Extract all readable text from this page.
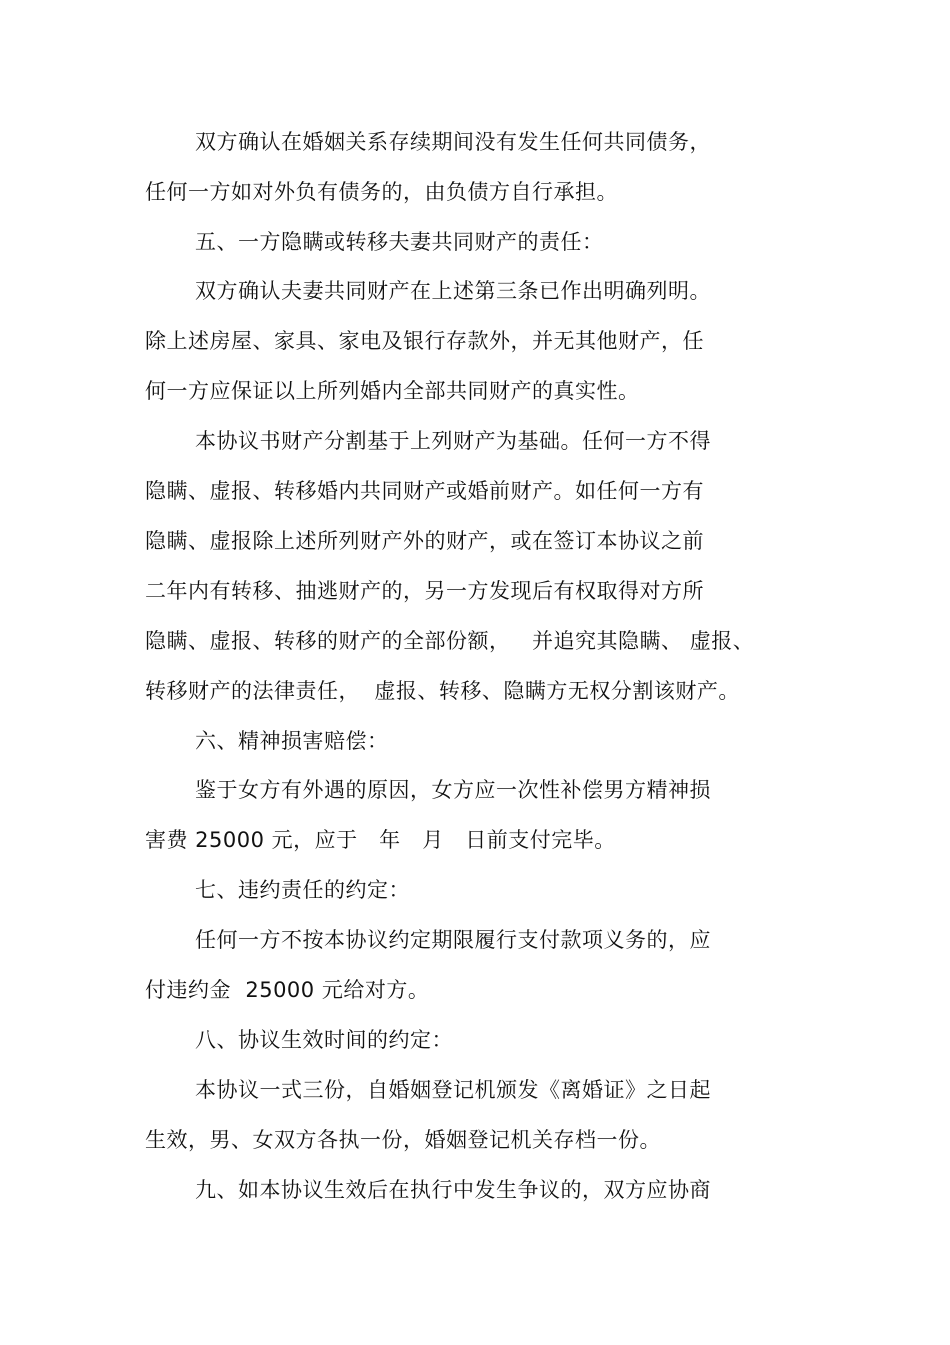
双方确认在婚姻关系存续期间没有发生任何共同债务，

任何一方如对外负有债务的，由负债方自行承担。

五、一方隐瞒或转移夫妻共同财产的责任：

双方确认夫妻共同财产在上述第三条已作出明确列明。

除上述房屋、家具、家电及银行存款外，并无其他财产，任

何一方应保证以上所列婚内全部共同财产的真实性。

本协议书财产分割基于上列财产为基础。任何一方不得

隐瞒、虚报、转移婚内共同财产或婚前财产。如任何一方有

隐瞒、虚报除上述所列财产外的财产，或在签订本协议之前

二年内有转移、抽逃财产的，另一方发现后有权取得对方所

隐瞒、虚报、转移的财产的全部份额，   并追究其隐瞒、 虚报、

转移财产的法律责任，  虚报、转移、隐瞒方无权分割该财产。

六、精神损害赔偿：

鉴于女方有外遇的原因，女方应一次性补偿男方精神损

害费 25000 元，应于   年   月   日前支付完毕。

七、违约责任的约定：

任何一方不按本协议约定期限履行支付款项义务的，应

付违约金  25000 元给对方。

八、协议生效时间的约定：

本协议一式三份，自婚姻登记机颁发《离婚证》之日起

生效，男、女双方各执一份，婚姻登记机关存档一份。

九、如本协议生效后在执行中发生争议的，双方应协商
